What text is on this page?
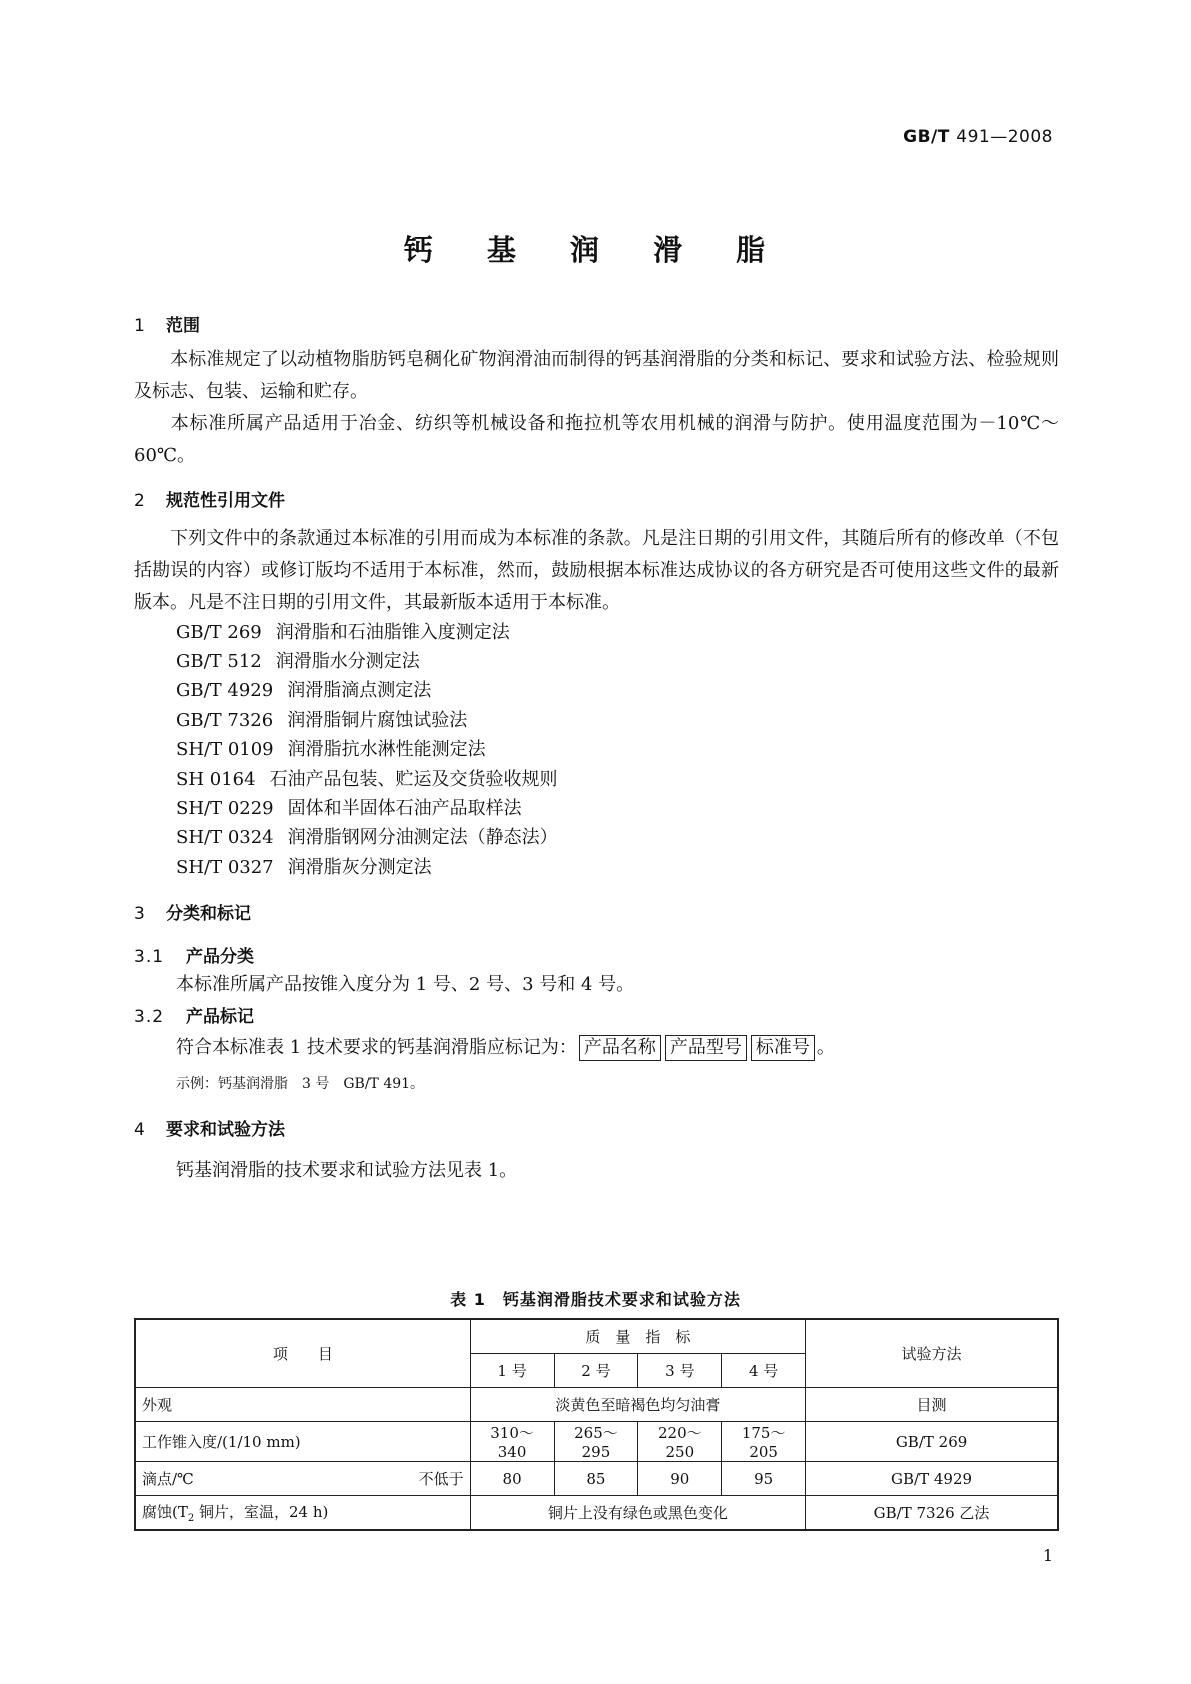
GB/T 491—2008
钙 基 润 滑 脂
1 范围
本标准规定了以动植物脂肪钙皂稠化矿物润滑油而制得的钙基润滑脂的分类和标记、要求和试验方法、检验规则及标志、包装、运输和贮存。
本标准所属产品适用于冶金、纺织等机械设备和拖拉机等农用机械的润滑与防护。使用温度范围为－10℃～60℃。
2 规范性引用文件
下列文件中的条款通过本标准的引用而成为本标准的条款。凡是注日期的引用文件，其随后所有的修改单（不包括勘误的内容）或修订版均不适用于本标准，然而，鼓励根据本标准达成协议的各方研究是否可使用这些文件的最新版本。凡是不注日期的引用文件，其最新版本适用于本标准。
GB/T 269 润滑脂和石油脂锥入度测定法
GB/T 512 润滑脂水分测定法
GB/T 4929 润滑脂滴点测定法
GB/T 7326 润滑脂铜片腐蚀试验法
SH/T 0109 润滑脂抗水淋性能测定法
SH 0164 石油产品包装、贮运及交货验收规则
SH/T 0229 固体和半固体石油产品取样法
SH/T 0324 润滑脂钢网分油测定法（静态法）
SH/T 0327 润滑脂灰分测定法
3 分类和标记
3.1 产品分类
本标准所属产品按锥入度分为 1 号、2 号、3 号和 4 号。
3.2 产品标记
符合本标准表 1 技术要求的钙基润滑脂应标记为： 产品名称 产品型号 标准号 。
示例：钙基润滑脂　3 号　GB/T 491。
4 要求和试验方法
钙基润滑脂的技术要求和试验方法见表 1。
表 1　钙基润滑脂技术要求和试验方法
项　　目	质　量　指　标				试验方法
	1 号	2 号	3 号	4 号	
外观	淡黄色至暗褐色均匀油膏				目测
工作锥入度/(1/10 mm)	310～340	265～295	220～250	175～205	GB/T 269

滴点/℃ 不低于	80	85	90	95	GB/T 4929
腐蚀($T_2$ 铜片，室温，24 h)	铜片上没有绿色或黑色变化				GB/T 7326 乙法
1
